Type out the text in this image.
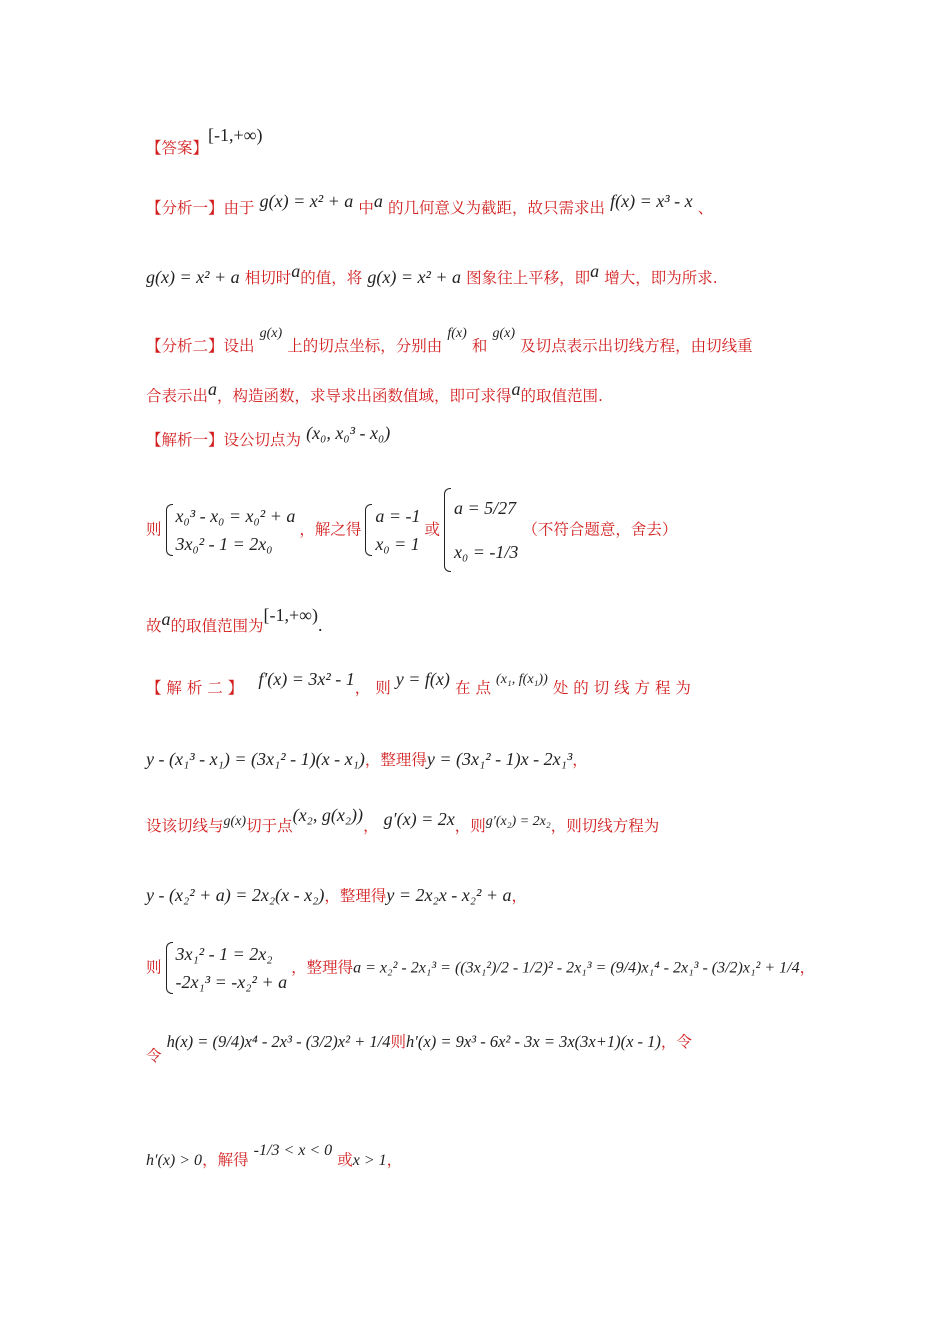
【答案】[-1,+∞)
【分析一】由于 g(x) = x² + a 中a 的几何意义为截距，故只需求出 f(x) = x³ - x 、
g(x) = x² + a 相切时a的值，将 g(x) = x² + a 图象往上平移，即a 增大，即为所求.
【分析二】设出 g(x) 上的切点坐标，分别由 f(x) 和 g(x) 及切点表示出切线方程，由切线重
合表示出a，构造函数，求导求出函数值域，即可求得a的取值范围.
【解析一】设公切点为 (x₀, x₀³ - x₀)
则
x₀³ - x₀ = x₀² + a
3x₀² - 1 = 2x₀
，解之得
a = -1
x₀ = 1
或
a = 5/27
x₀ = -1/3
（不符合题意，舍去）
故a的取值范围为[-1,+∞).
【 解 析 二 】 f′(x) = 3x² - 1， 则 y = f(x) 在 点 (x₁, f(x₁)) 处 的 切 线 方 程 为
y - (x₁³ - x₁) = (3x₁² - 1)(x - x₁)，整理得y = (3x₁² - 1)x - 2x₁³，
设该切线与g(x)切于点(x₂, g(x₂))， g′(x) = 2x，则g′(x₂) = 2x₂，则切线方程为
y - (x₂² + a) = 2x₂(x - x₂)，整理得y = 2x₂x - x₂² + a，
则
3x₁² - 1 = 2x₂
-2x₁³ = -x₂² + a
，整理得a = x₂² - 2x₁³ = ((3x₁²)/2 - 1/2)² - 2x₁³ = (9/4)x₁⁴ - 2x₁³ - (3/2)x₁² + 1/4，
令 h(x) = (9/4)x⁴ - 2x³ - (3/2)x² + 1/4则h′(x) = 9x³ - 6x² - 3x = 3x(3x+1)(x - 1)，令
h′(x) > 0，解得 -1/3 < x < 0 或x > 1，
